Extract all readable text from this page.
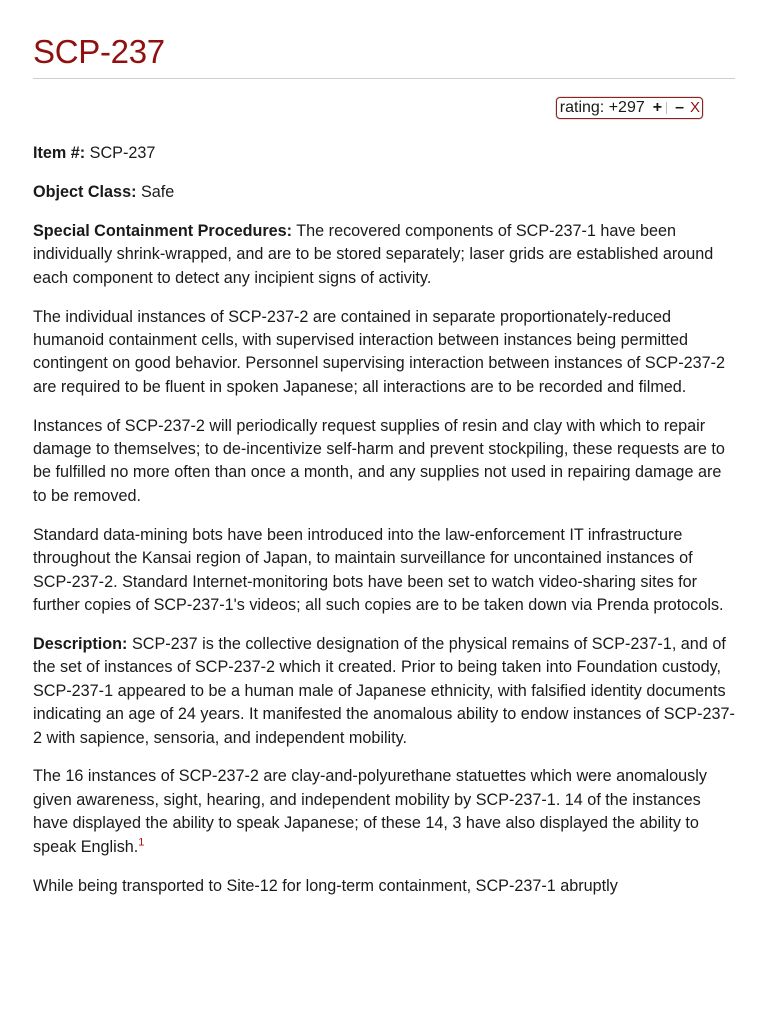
SCP-237
rating: +297 + – X

Item #: SCP-237

Object Class: Safe

Special Containment Procedures: The recovered components of SCP-237-1 have been individually shrink-wrapped, and are to be stored separately; laser grids are established around each component to detect any incipient signs of activity.

The individual instances of SCP-237-2 are contained in separate proportionately-reduced humanoid containment cells, with supervised interaction between instances being permitted contingent on good behavior. Personnel supervising interaction between instances of SCP-237-2 are required to be fluent in spoken Japanese; all interactions are to be recorded and filmed.

Instances of SCP-237-2 will periodically request supplies of resin and clay with which to repair damage to themselves; to de-incentivize self-harm and prevent stockpiling, these requests are to be fulfilled no more often than once a month, and any supplies not used in repairing damage are to be removed.

Standard data-mining bots have been introduced into the law-enforcement IT infrastructure throughout the Kansai region of Japan, to maintain surveillance for uncontained instances of SCP-237-2. Standard Internet-monitoring bots have been set to watch video-sharing sites for further copies of SCP-237-1's videos; all such copies are to be taken down via Prenda protocols.

Description: SCP-237 is the collective designation of the physical remains of SCP-237-1, and of the set of instances of SCP-237-2 which it created. Prior to being taken into Foundation custody, SCP-237-1 appeared to be a human male of Japanese ethnicity, with falsified identity documents indicating an age of 24 years. It manifested the anomalous ability to endow instances of SCP-237-2 with sapience, sensoria, and independent mobility.

The 16 instances of SCP-237-2 are clay-and-polyurethane statuettes which were anomalously given awareness, sight, hearing, and independent mobility by SCP-237-1. 14 of the instances have displayed the ability to speak Japanese; of these 14, 3 have also displayed the ability to speak English.$^1$

While being transported to Site-12 for long-term containment, SCP-237-1 abruptly
